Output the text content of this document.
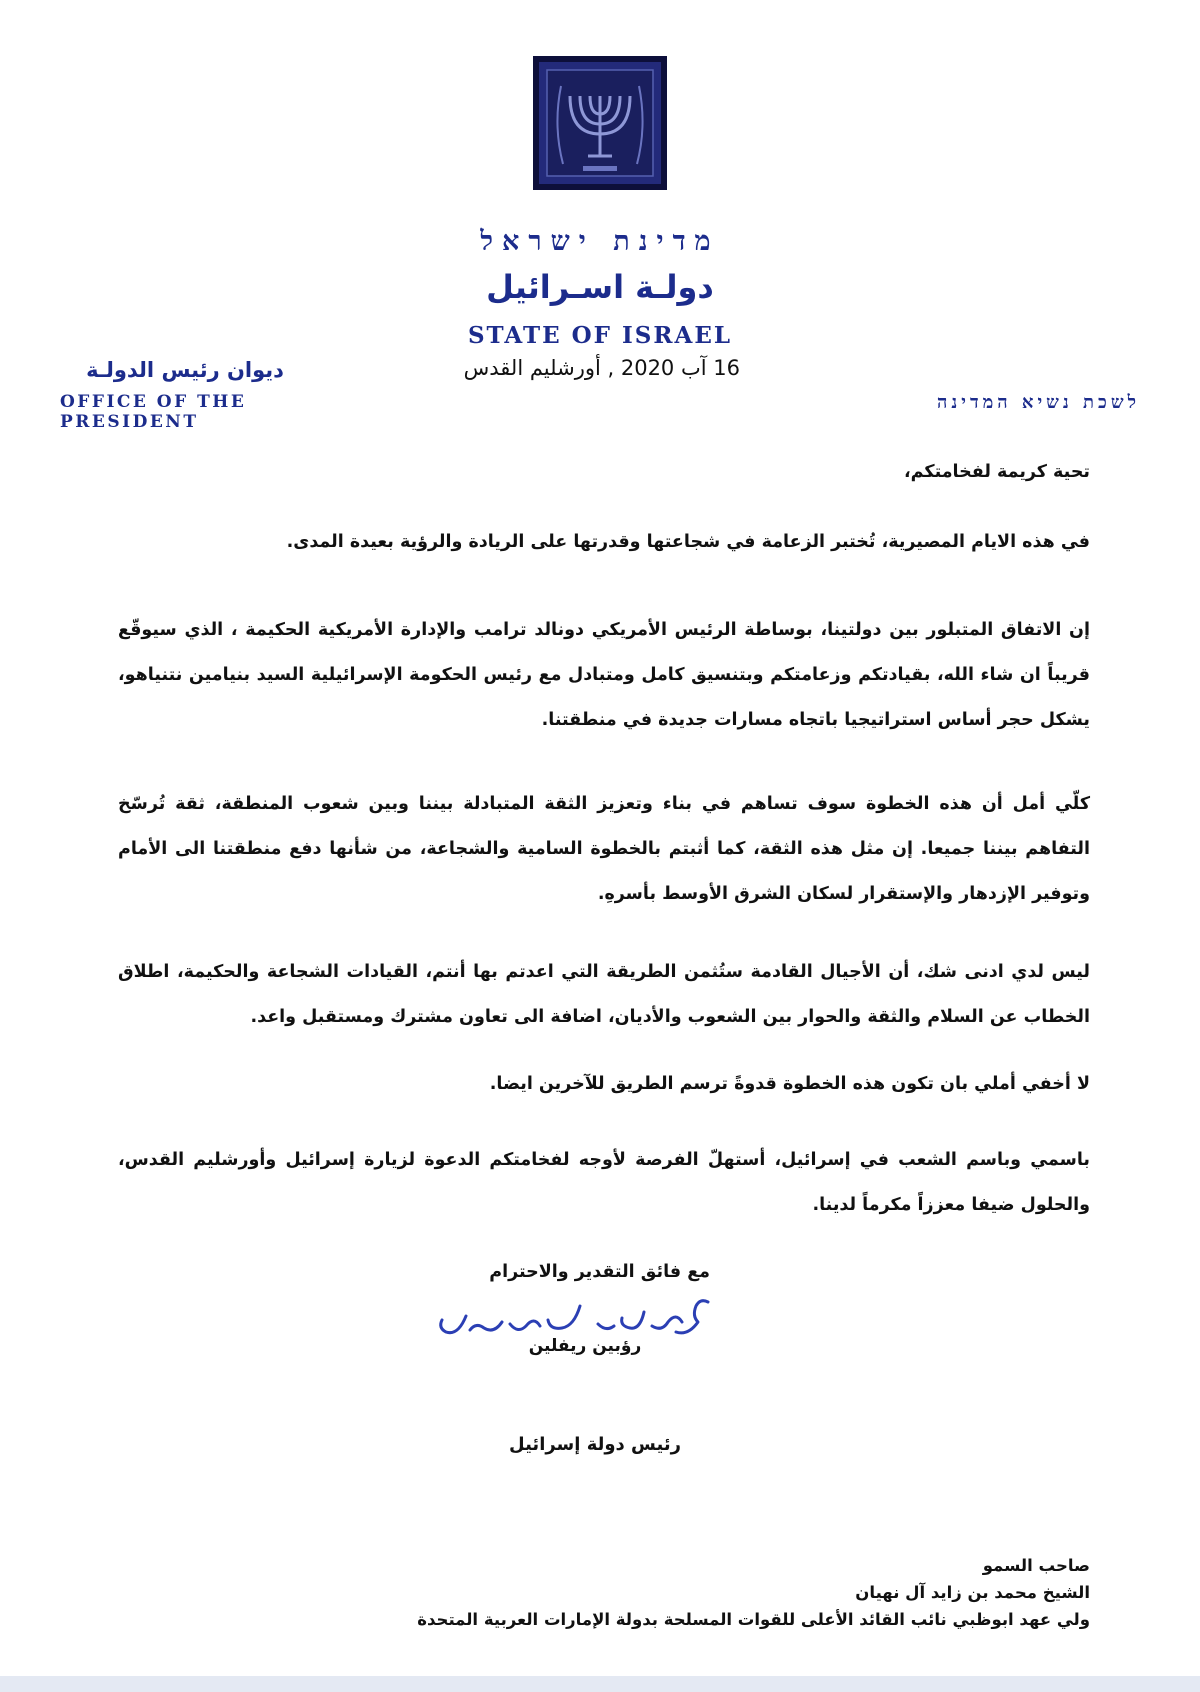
מדינת ישראל
دولـة اسـرائيل
STATE OF ISRAEL
16 آب 2020 , أورشليم القدس
ديوان رئيس الدولـة
OFFICE OF THE PRESIDENT
לשכת נשיא המדינה
تحية كريمة لفخامتكم،
في هذه الايام المصيرية، تُختبر الزعامة في شجاعتها وقدرتها على الريادة والرؤية بعيدة المدى.
إن الاتفاق المتبلور بين دولتينا، بوساطة الرئيس الأمريكي دونالد ترامب والإدارة الأمريكية الحكيمة ، الذي سيوقّع قريباً ان شاء الله، بقيادتكم وزعامتكم وبتنسيق كامل ومتبادل مع رئيس الحكومة الإسرائيلية السيد بنيامين نتنياهو، يشكل حجر أساس استراتيجيا باتجاه مسارات جديدة في منطقتنا.
كلّي أمل أن هذه الخطوة سوف تساهم في بناء وتعزيز الثقة المتبادلة بيننا وبين شعوب المنطقة، ثقة تُرسّخ التفاهم بيننا جميعا. إن مثل هذه الثقة، كما أثبتم بالخطوة السامية والشجاعة، من شأنها دفع منطقتنا الى الأمام وتوفير الإزدهار والإستقرار لسكان الشرق الأوسط بأسرهِ.
ليس لدي ادنى شك، أن الأجيال القادمة ستُثمن الطريقة التي اعدتم بها أنتم، القيادات الشجاعة والحكيمة، اطلاق الخطاب عن السلام والثقة والحوار بين الشعوب والأديان، اضافة الى تعاون مشترك ومستقبل واعد.
لا أخفي أملي بان تكون هذه الخطوة قدوةً ترسم الطريق للآخرين ايضا.
باسمي وباسم الشعب في إسرائيل، أستهلّ الفرصة لأوجه لفخامتكم الدعوة لزيارة إسرائيل وأورشليم القدس، والحلول ضيفا معززاً مكرماً لدينا.
مع فائق التقدير والاحترام
رؤبين ريفلين
رئيس دولة إسرائيل
صاحب السمو
الشيخ محمد بن زايد آل نهيان
ولي عهد ابوظبي نائب القائد الأعلى للقوات المسلحة بدولة الإمارات العربية المتحدة
